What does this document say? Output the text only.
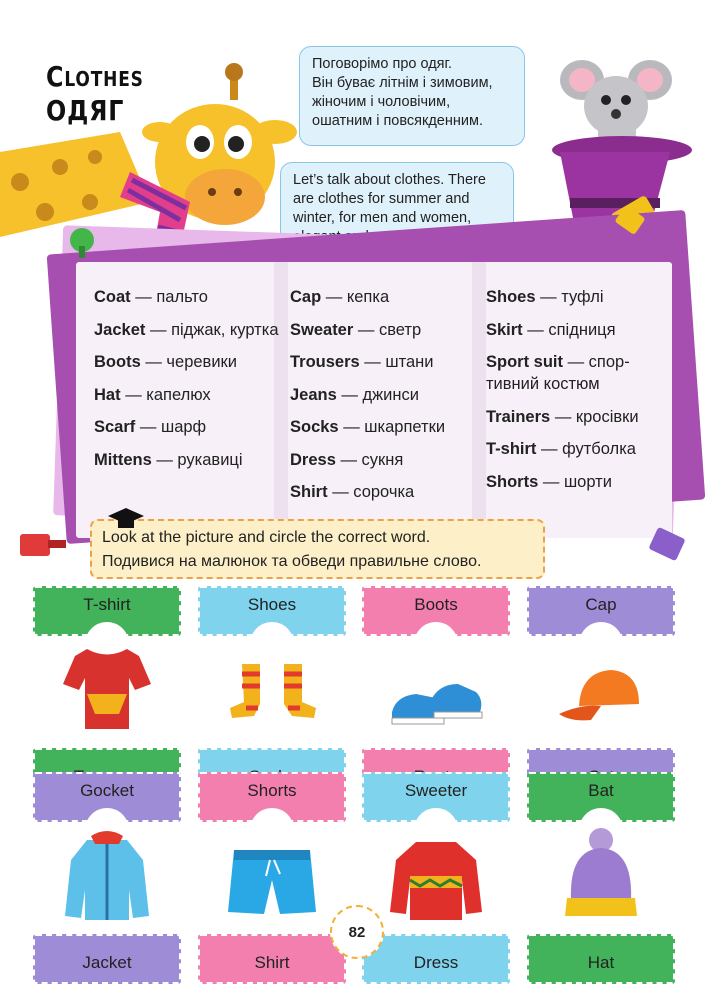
Clothes
ОДЯГ
Поговорімо про одяг.
Він буває літнім і зимовим,
жіночим і чоловічим,
ошатним і повсякденним.
Let’s talk about clothes. There
are clothes for summer and
winter, for men and women,
Coat — пальто
Jacket — піджак, куртка
Boots — черевики
Hat — капелюх
Scarf — шарф
Mittens — рукавиці
Cap — кепка
Sweater — светр
Trousers — штани
Jeans — джинси
Socks — шкарпетки
Dress — сукня
Shirt — сорочка
Shoes — туфлі
Skirt — спідниця
Sport suit — спор-тивний костюм
Trainers — кросівки
T-shirt — футболка
Shorts — шорти
Look at the picture and circle the correct word.
Подивися на малюнок та обведи правильне слово.
T-shirt	Shoes	Boots	Cap
Gocket
Jacket
Shorts
Shirt
Sweeter
Dress
Bat
Hat
82
